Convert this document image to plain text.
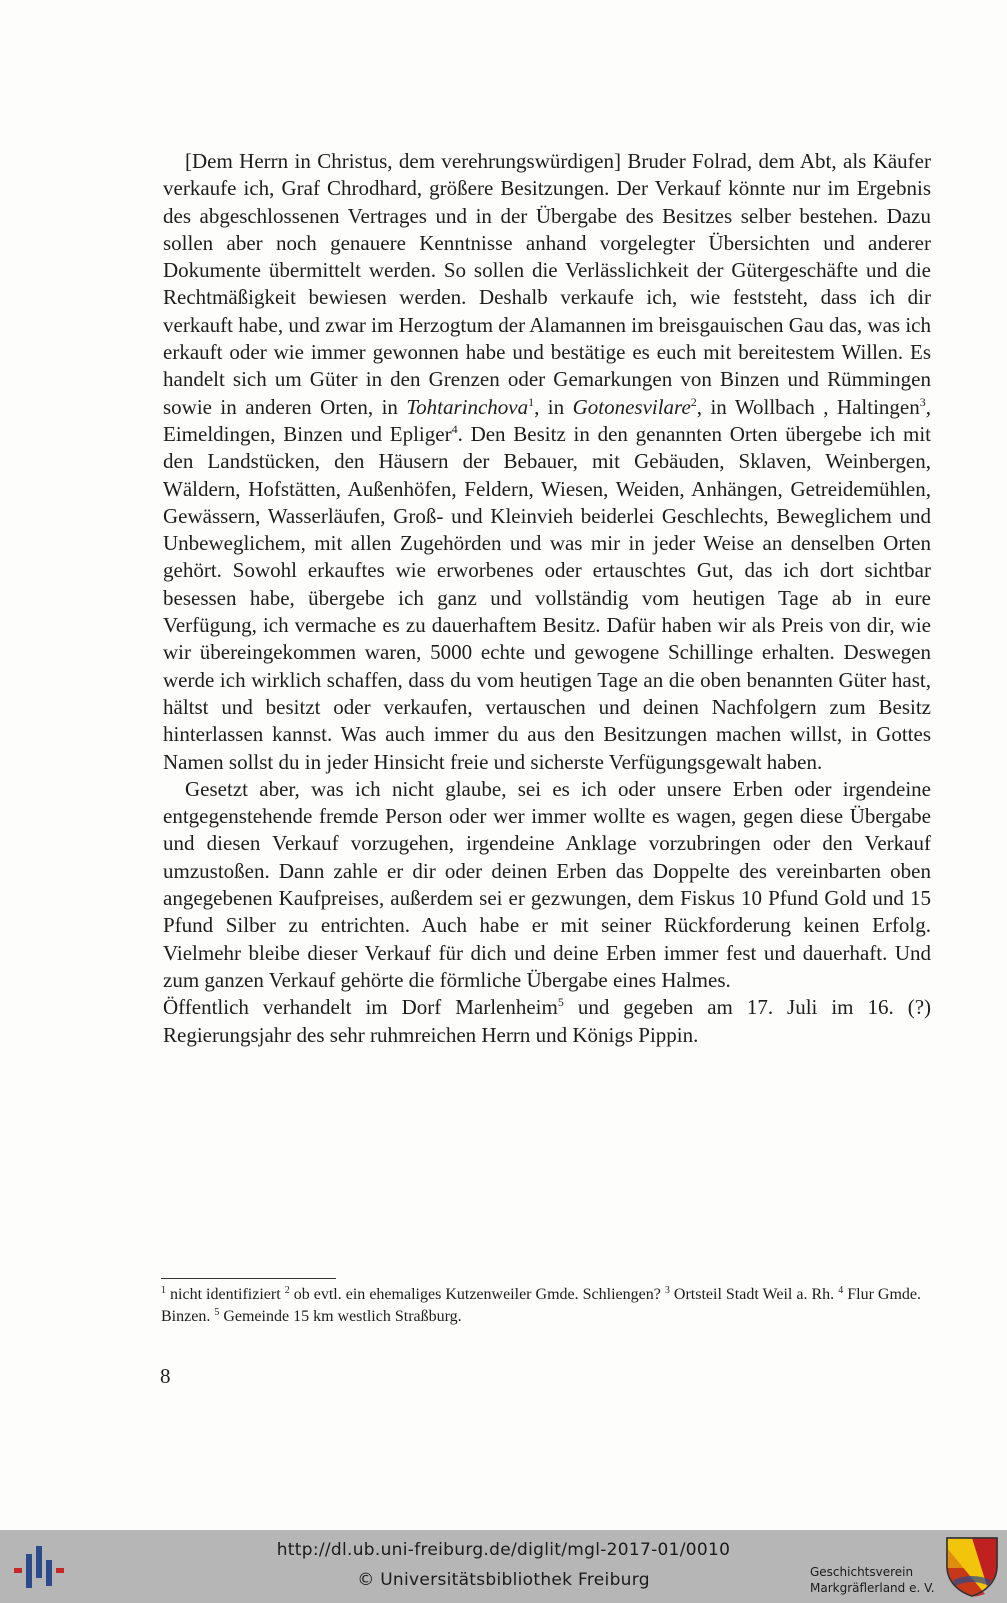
[Dem Herrn in Christus, dem verehrungswürdigen] Bruder Folrad, dem Abt, als Käufer verkaufe ich, Graf Chrodhard, größere Besitzungen. Der Verkauf könnte nur im Ergebnis des abgeschlossenen Vertrages und in der Übergabe des Besitzes selber bestehen. Dazu sollen aber noch genauere Kenntnisse anhand vorgelegter Übersichten und anderer Dokumente übermittelt werden. So sollen die Verlässlichkeit der Gütergeschäfte und die Rechtmäßigkeit bewiesen werden. Deshalb verkaufe ich, wie feststeht, dass ich dir verkauft habe, und zwar im Herzogtum der Alamannen im breisgauischen Gau das, was ich erkauft oder wie immer gewonnen habe und bestätige es euch mit bereitestem Willen. Es handelt sich um Güter in den Grenzen oder Gemarkungen von Binzen und Rümmingen sowie in anderen Orten, in Tohtarinchova$^1$, in Gotonesvilare$^2$, in Wollbach , Haltingen$^3$, Eimeldingen, Binzen und Epliger$^4$. Den Besitz in den genannten Orten übergebe ich mit den Landstücken, den Häusern der Bebauer, mit Gebäuden, Sklaven, Weinbergen, Wäldern, Hofstätten, Außenhöfen, Feldern, Wiesen, Weiden, Anhängen, Getreidemühlen, Gewässern, Wasserläufen, Groß- und Kleinvieh beiderlei Geschlechts, Beweglichem und Unbeweglichem, mit allen Zugehörden und was mir in jeder Weise an denselben Orten gehört. Sowohl erkauftes wie erworbenes oder ertauschtes Gut, das ich dort sichtbar besessen habe, übergebe ich ganz und vollständig vom heutigen Tage ab in eure Verfügung, ich vermache es zu dauerhaftem Besitz. Dafür haben wir als Preis von dir, wie wir übereingekommen waren, 5000 echte und gewogene Schillinge erhalten. Deswegen werde ich wirklich schaffen, dass du vom heutigen Tage an die oben benannten Güter hast, hältst und besitzt oder verkaufen, vertauschen und deinen Nachfolgern zum Besitz hinterlassen kannst. Was auch immer du aus den Besitzungen machen willst, in Gottes Namen sollst du in jeder Hinsicht freie und sicherste Verfügungsgewalt haben.

Gesetzt aber, was ich nicht glaube, sei es ich oder unsere Erben oder irgendeine entgegenstehende fremde Person oder wer immer wollte es wagen, gegen diese Übergabe und diesen Verkauf vorzugehen, irgendeine Anklage vorzubringen oder den Verkauf umzustoßen. Dann zahle er dir oder deinen Erben das Doppelte des vereinbarten oben angegebenen Kaufpreises, außerdem sei er gezwungen, dem Fiskus 10 Pfund Gold und 15 Pfund Silber zu entrichten. Auch habe er mit seiner Rückforderung keinen Erfolg. Vielmehr bleibe dieser Verkauf für dich und deine Erben immer fest und dauerhaft. Und zum ganzen Verkauf gehörte die förmliche Übergabe eines Halmes.

Öffentlich verhandelt im Dorf Marlenheim$^5$ und gegeben am 17. Juli im 16. (?) Regierungsjahr des sehr ruhmreichen Herrn und Königs Pippin.

$^1$ nicht identifiziert $^2$ ob evtl. ein ehemaliges Kutzenweiler Gmde. Schliengen? $^3$ Ortsteil Stadt Weil a. Rh. $^4$ Flur Gmde. Binzen. $^5$ Gemeinde 15 km westlich Straßburg.
8
http://dl.ub.uni-freiburg.de/diglit/mgl-2017-01/0010
© Universitätsbibliothek Freiburg	Geschichtsverein
Markgräflerland e. V.
